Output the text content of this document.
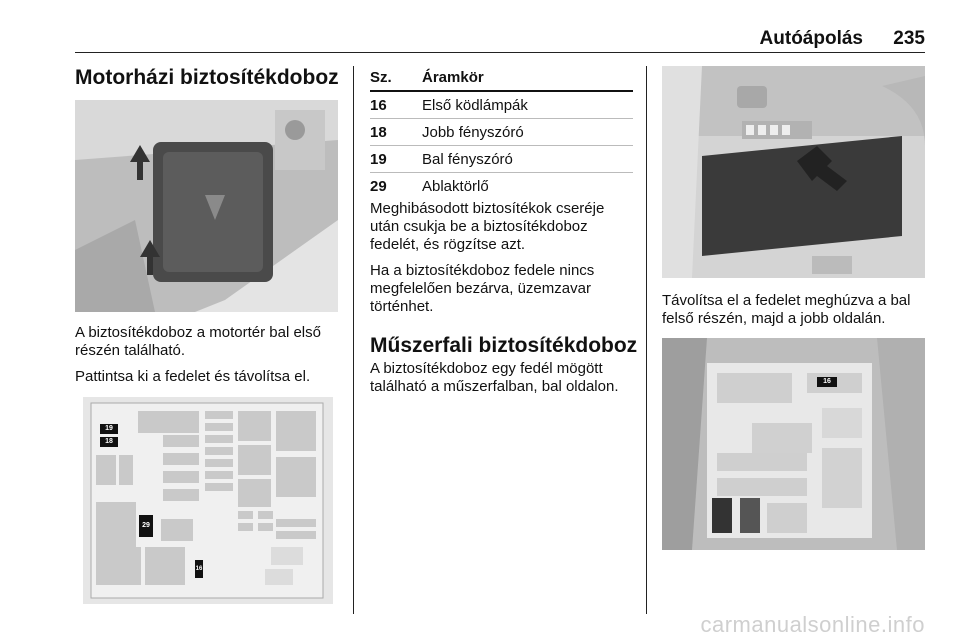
Autóápolás 235
Motorházi biztosítékdoboz

A biztosítékdoboz a motortér bal első részén található.

Pattintsa ki a fedelet és távolítsa el.

19
18
29
16
Sz.	Áramkör
16	Első ködlámpák
18	Jobb fényszóró
19	Bal fényszóró
29	Ablaktörlő

Meghibásodott biztosítékok cseréje után csukja be a biztosítékdoboz fedelét, és rögzítse azt.

Ha a biztosítékdoboz fedele nincs megfelelően bezárva, üzemzavar történhet.

Műszerfali biztosítékdoboz

A biztosítékdoboz egy fedél mögött található a műszerfalban, bal oldalon.

Távolítsa el a fedelet meghúzva a bal felső részén, majd a jobb oldalán.

16
carmanualsonline.info
